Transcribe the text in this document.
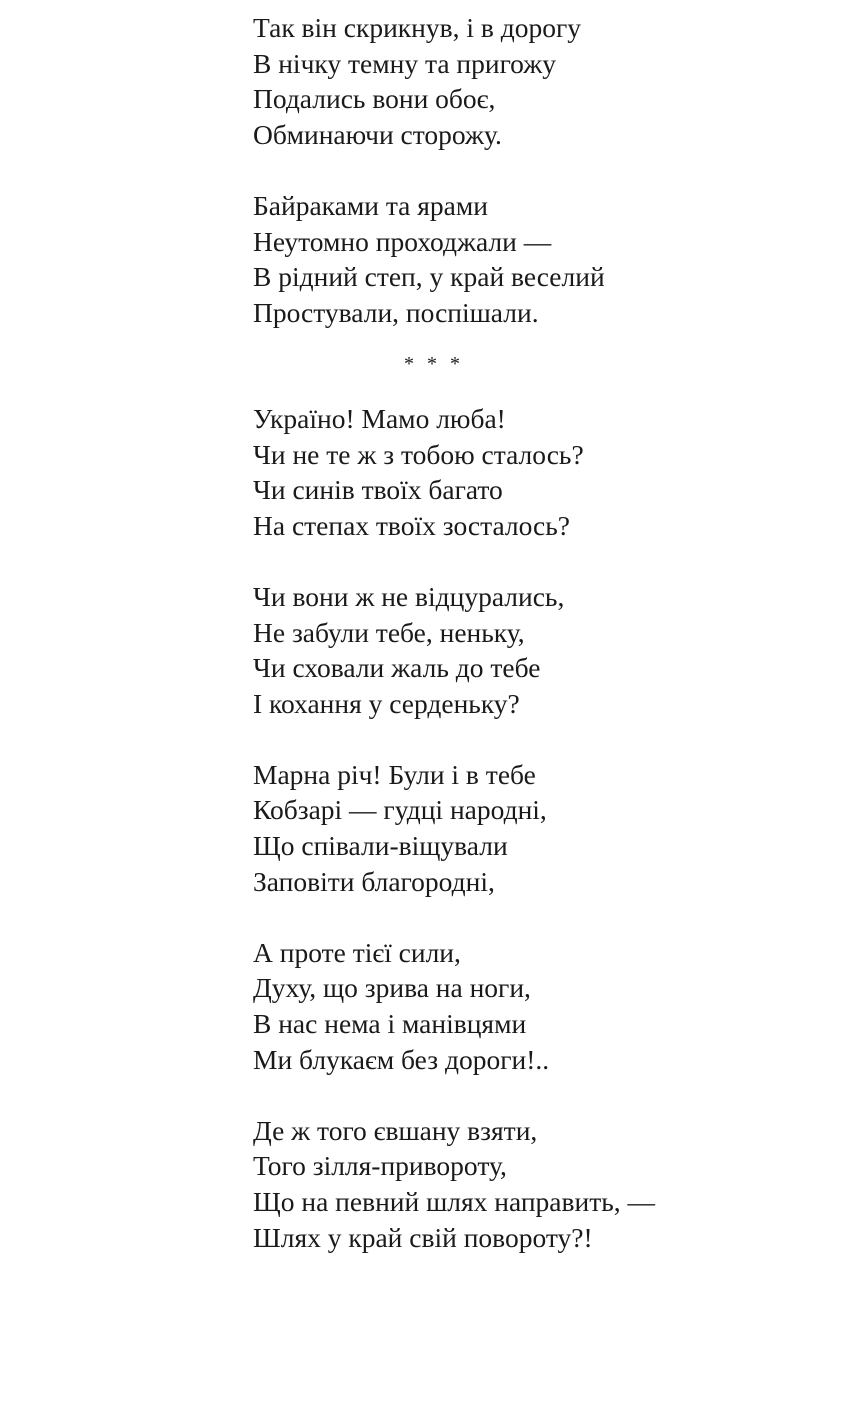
Так він скрикнув, і в дорогу
В нічку темну та пригожу
Подались вони обоє,
Обминаючи сторожу.
Байраками та ярами
Неутомно проходжали —
В рідний степ, у край веселий
Простували, поспішали.
* * *
Україно! Мамо люба!
Чи не те ж з тобою сталось?
Чи синів твоїх багато
На степах твоїх зосталось?
Чи вони ж не відцурались,
Не забули тебе, неньку,
Чи сховали жаль до тебе
І кохання у серденьку?
Марна річ! Були і в тебе
Кобзарі — гудці народні,
Що співали-віщували
Заповіти благородні,
А проте тієї сили,
Духу, що зрива на ноги,
В нас нема і манівцями
Ми блукаєм без дороги!..
Де ж того євшану взяти,
Того зілля-привороту,
Що на певний шлях направить, —
Шлях у край свій повороту?!
